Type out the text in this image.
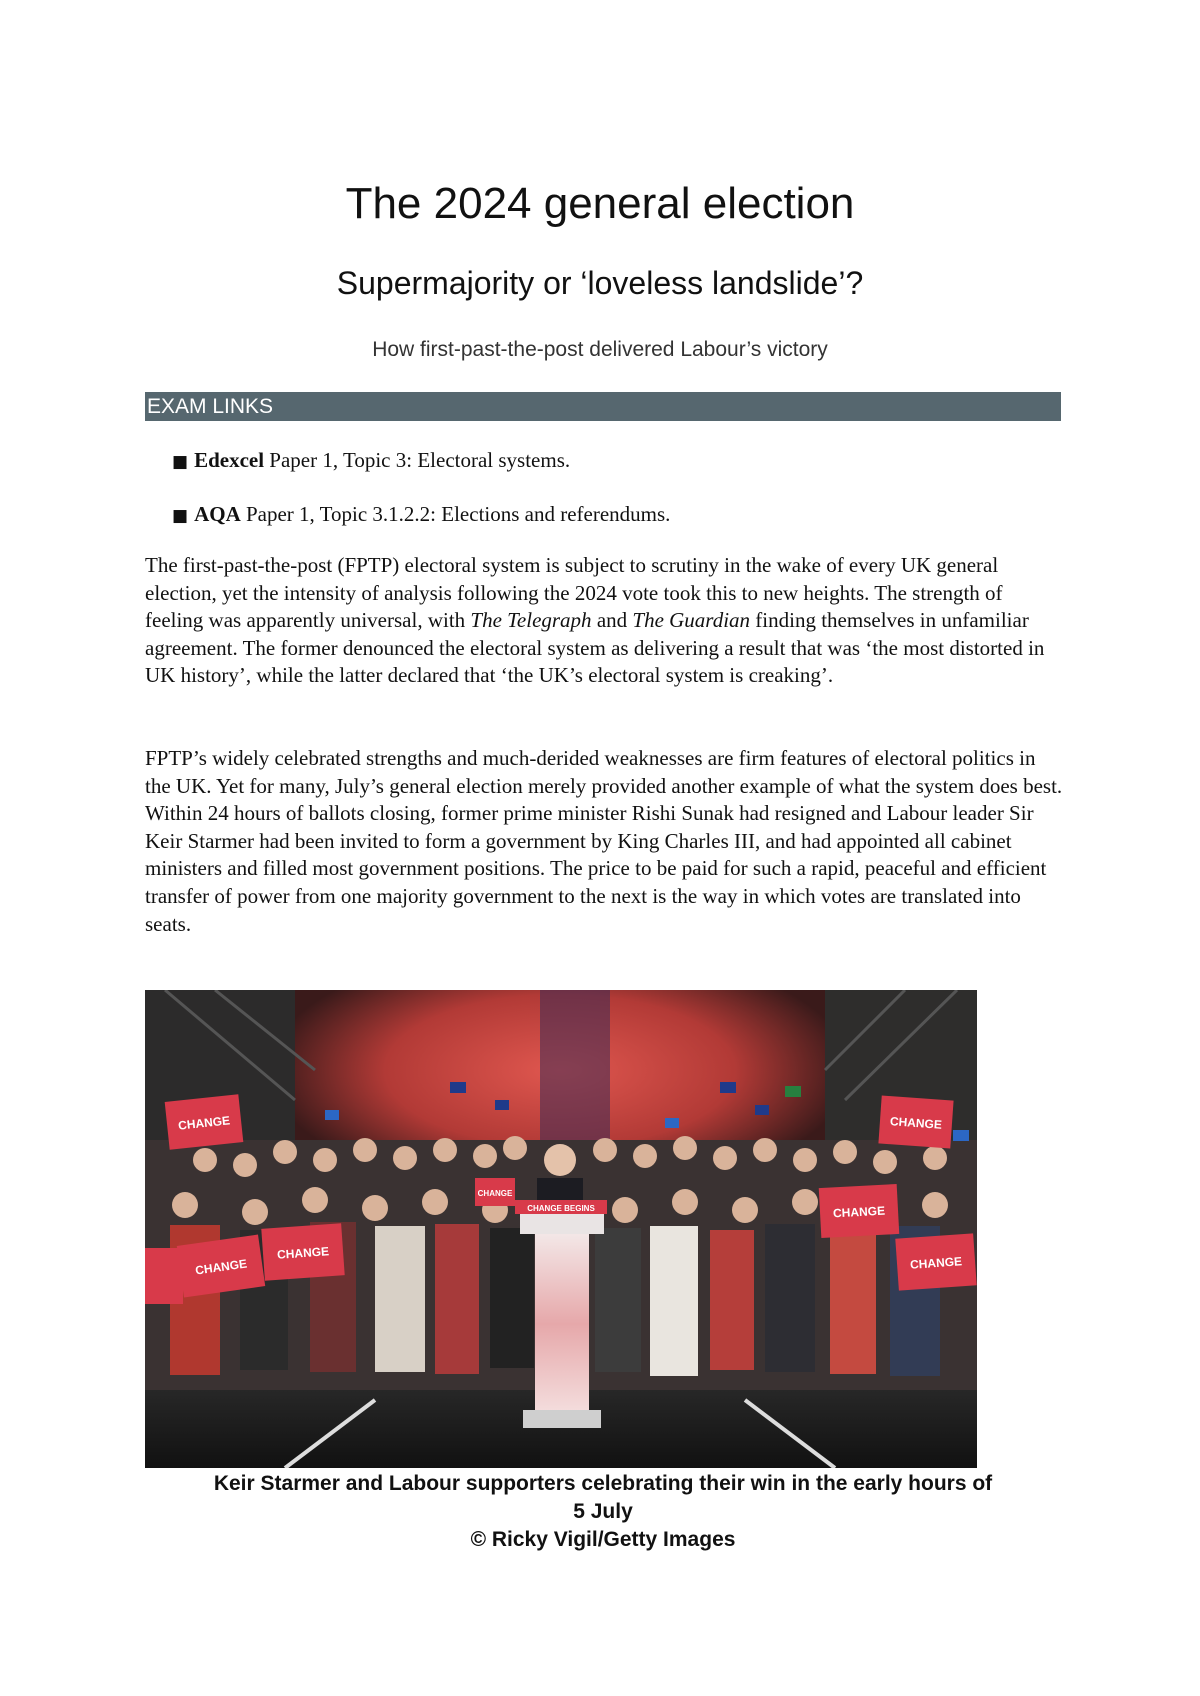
The 2024 general election
Supermajority or ‘loveless landslide’?

How first-past-the-post delivered Labour’s victory

EXAM LINKS
■ Edexcel Paper 1, Topic 3: Electoral systems.
■ AQA Paper 1, Topic 3.1.2.2: Elections and referendums.

The first-past-the-post (FPTP) electoral system is subject to scrutiny in the wake of every UK general election, yet the intensity of analysis following the 2024 vote took this to new heights. The strength of feeling was apparently universal, with The Telegraph and The Guardian finding themselves in unfamiliar agreement. The former denounced the electoral system as delivering a result that was ‘the most distorted in UK history’, while the latter declared that ‘the UK’s electoral system is creaking’.

FPTP’s widely celebrated strengths and much-derided weaknesses are firm features of electoral politics in the UK. Yet for many, July’s general election merely provided another example of what the system does best. Within 24 hours of ballots closing, former prime minister Rishi Sunak had resigned and Labour leader Sir Keir Starmer had been invited to form a government by King Charles III, and had appointed all cabinet ministers and filled most government positions. The price to be paid for such a rapid, peaceful and efficient transfer of power from one majority government to the next is the way in which votes are translated into seats.

CHANGE BEGINS
CHANGE
CHANGE
CHANGE
CHANGE
CHANGE
CHANGE
CHANGE

Keir Starmer and Labour supporters celebrating their win in the early hours of
5 July
© Ricky Vigil/Getty Images
